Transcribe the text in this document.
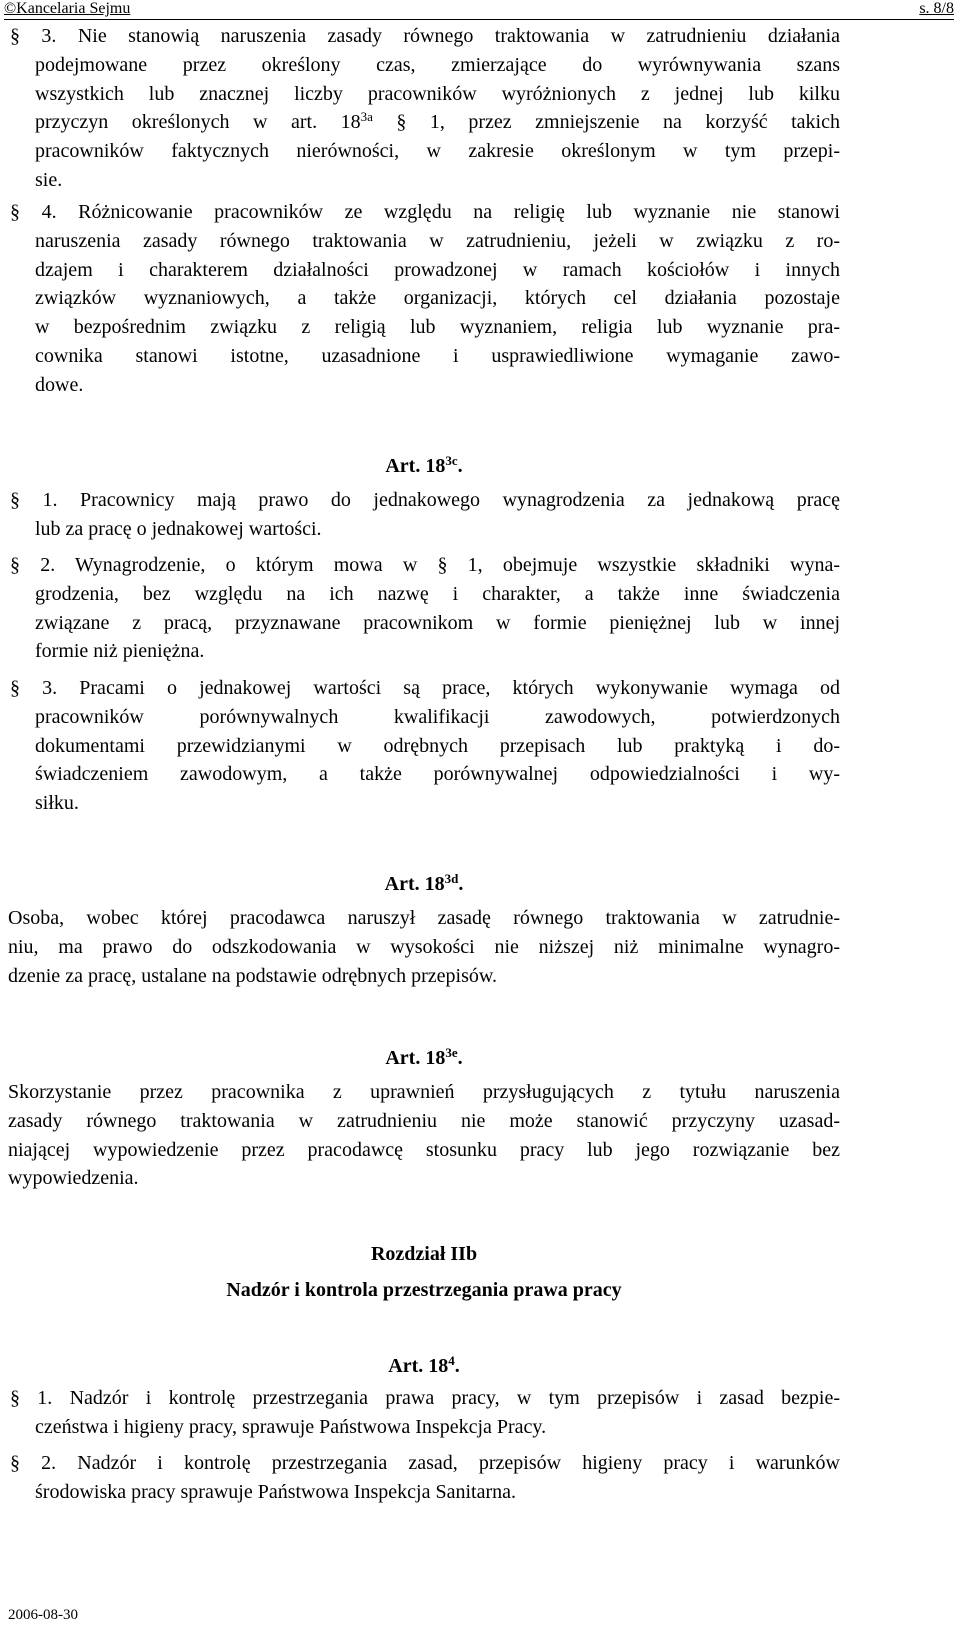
©Kancelaria Sejmu	s. 8/8
§ 3. Nie stanowią naruszenia zasady równego traktowania w zatrudnieniu działania
podejmowane przez określony czas, zmierzające do wyrównywania szans
wszystkich lub znacznej liczby pracowników wyróżnionych z jednej lub kilku
przyczyn określonych w art. $18^{3a}$ § 1, przez zmniejszenie na korzyść takich
pracowników faktycznych nierówności, w zakresie określonym w tym przepi-
sie.
§ 4. Różnicowanie pracowników ze względu na religię lub wyznanie nie stanowi
naruszenia zasady równego traktowania w zatrudnieniu, jeżeli w związku z ro-
dzajem i charakterem działalności prowadzonej w ramach kościołów i innych
związków wyznaniowych, a także organizacji, których cel działania pozostaje
w bezpośrednim związku z religią lub wyznaniem, religia lub wyznanie pra-
cownika stanowi istotne, uzasadnione i usprawiedliwione wymaganie zawo-
dowe.
Art. $18^{3c}$.
§ 1. Pracownicy mają prawo do jednakowego wynagrodzenia za jednakową pracę
lub za pracę o jednakowej wartości.
§ 2. Wynagrodzenie, o którym mowa w § 1, obejmuje wszystkie składniki wyna-
grodzenia, bez względu na ich nazwę i charakter, a także inne świadczenia
związane z pracą, przyznawane pracownikom w formie pieniężnej lub w innej
formie niż pieniężna.
§ 3. Pracami o jednakowej wartości są prace, których wykonywanie wymaga od
pracowników porównywalnych kwalifikacji zawodowych, potwierdzonych
dokumentami przewidzianymi w odrębnych przepisach lub praktyką i do-
świadczeniem zawodowym, a także porównywalnej odpowiedzialności i wy-
siłku.
Art. $18^{3d}$.
Osoba, wobec której pracodawca naruszył zasadę równego traktowania w zatrudnie-
niu, ma prawo do odszkodowania w wysokości nie niższej niż minimalne wynagro-
dzenie za pracę, ustalane na podstawie odrębnych przepisów.
Art. $18^{3e}$.
Skorzystanie przez pracownika z uprawnień przysługujących z tytułu naruszenia
zasady równego traktowania w zatrudnieniu nie może stanowić przyczyny uzasad-
niającej wypowiedzenie przez pracodawcę stosunku pracy lub jego rozwiązanie bez
wypowiedzenia.
Rozdział IIb
Nadzór i kontrola przestrzegania prawa pracy
Art. $18^4$.
§ 1. Nadzór i kontrolę przestrzegania prawa pracy, w tym przepisów i zasad bezpie-
czeństwa i higieny pracy, sprawuje Państwowa Inspekcja Pracy.
§ 2. Nadzór i kontrolę przestrzegania zasad, przepisów higieny pracy i warunków
środowiska pracy sprawuje Państwowa Inspekcja Sanitarna.
2006-08-30
